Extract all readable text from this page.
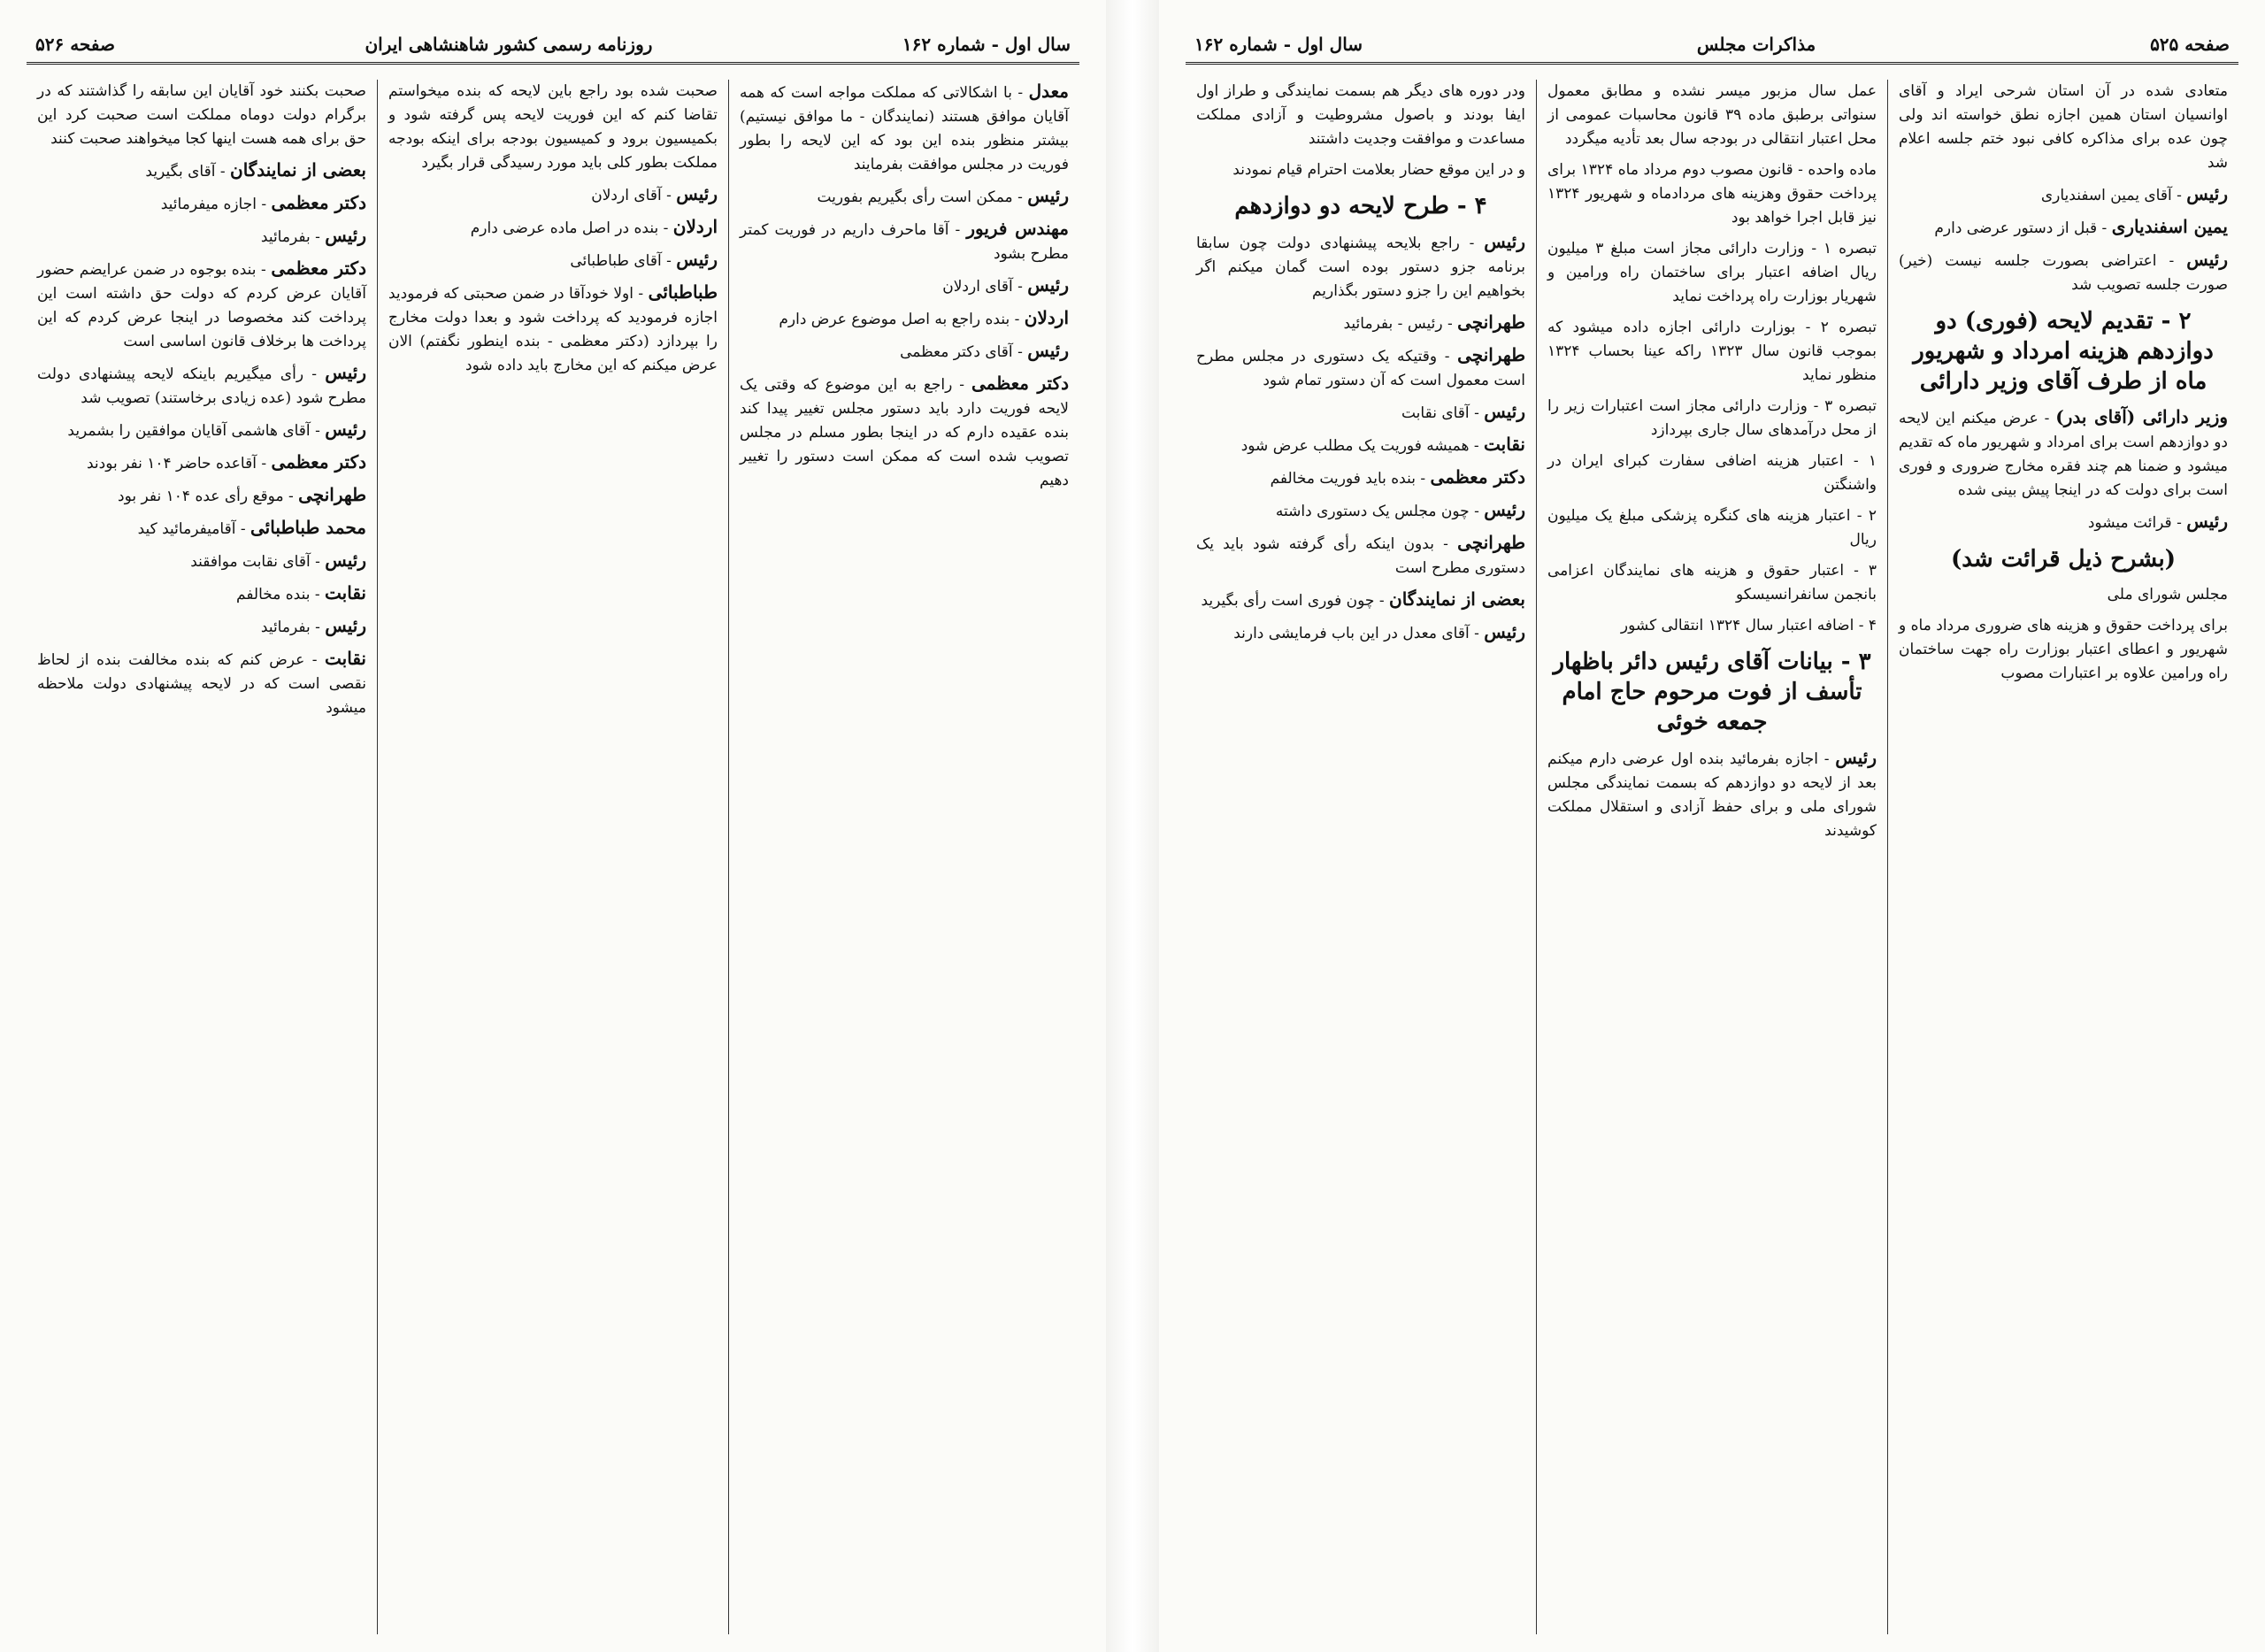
سال اول - شماره ۱۶۲
روزنامه رسمی کشور شاهنشاهی ایران
صفحه ۵۲۶

معدل - با اشکالاتی که مملکت مواجه است که همه آقایان موافق هستند (نمایندگان - ما موافق نیستیم) بیشتر منظور بنده این بود که این لایحه را بطور فوریت در مجلس موافقت بفرمایند

رئیس - ممکن است رأی بگیریم بفوریت

مهندس فریور - آقا ماحرف داریم در فوریت کمتر مطرح بشود

رئیس - آقای اردلان

اردلان - بنده راجع به اصل موضوع عرض دارم

رئیس - آقای دکتر معظمی

دکتر معظمی - راجع به این موضوع که وقتی یک لایحه فوریت دارد باید دستور مجلس تغییر پیدا کند بنده عقیده دارم که در اینجا بطور مسلم در مجلس تصویب شده است که ممکن است دستور را تغییر دهیم

صحبت شده بود راجع باین لایحه که بنده میخواستم تقاضا کنم که این فوریت لایحه پس گرفته شود و بکمیسیون برود و کمیسیون بودجه برای اینکه بودجه مملکت بطور کلی باید مورد رسیدگی قرار بگیرد

رئیس - آقای اردلان

اردلان - بنده در اصل ماده عرضی دارم

رئیس - آقای طباطبائی

طباطبائی - اولا خودآقا در ضمن صحبتی که فرمودید اجازه فرمودید که پرداخت شود و بعدا دولت مخارج را بپردازد (دکتر معظمی - بنده اینطور نگفتم) الان عرض میکنم که این مخارج باید داده شود

صحبت بکنند خود آقایان این سابقه را گذاشتند که در برگرام دولت دوماه مملکت است صحبت کرد این حق برای همه هست اینها کجا میخواهند صحبت کنند

بعضی از نمایندگان - آقای بگیرید

دکتر معظمی - اجازه میفرمائید

رئیس - بفرمائید

دکتر معظمی - بنده بوجوه در ضمن عرایضم حضور آقایان عرض کردم که دولت حق داشته است این پرداخت کند مخصوصا در اینجا عرض کردم که این پرداخت ها برخلاف قانون اساسی است

رئیس - رأی میگیریم باینکه لایحه پیشنهادی دولت مطرح شود (عده زیادی برخاستند) تصویب شد

رئیس - آقای هاشمی آقایان موافقین را بشمرید

دکتر معظمی - آقاعده حاضر ۱۰۴ نفر بودند

طهرانچی - موقع رأی عده ۱۰۴ نفر بود

محمد طباطبائی - آقامیفرمائید کید

رئیس - آقای نقابت موافقند

نقابت - بنده مخالفم

رئیس - بفرمائید

نقابت - عرض کنم که بنده مخالفت بنده از لحاظ نقصی است که در لایحه پیشنهادی دولت ملاحظه میشود

صفحه ۵۲۵
مذاکرات مجلس
سال اول - شماره ۱۶۲

متعادی شده در آن استان شرحی ایراد و آقای اوانسیان استان همین اجازه نطق خواسته اند ولی چون عده برای مذاکره کافی نبود ختم جلسه اعلام شد

رئیس - آقای یمین اسفندیاری

یمین اسفندیاری - قبل از دستور عرضی دارم

رئیس - اعتراضی بصورت جلسه نیست (خیر) صورت جلسه تصویب شد

۲ - تقدیم لایحه (فوری) دو دوازدهم هزینه امرداد و شهریور ماه از طرف آقای وزیر دارائی

وزیر دارائی (آقای بدر) - عرض میکنم این لایحه دو دوازدهم است برای امرداد و شهریور ماه که تقدیم میشود و ضمنا هم چند فقره مخارج ضروری و فوری است برای دولت که در اینجا پیش بینی شده

رئیس - قرائت میشود

(بشرح ذیل قرائت شد)

مجلس شورای ملی

برای پرداخت حقوق و هزینه های ضروری مرداد ماه و شهریور و اعطای اعتبار بوزارت راه جهت ساختمان راه ورامین علاوه بر اعتبارات مصوب

عمل سال مزبور میسر نشده و مطابق معمول سنواتی برطبق ماده ۳۹ قانون محاسبات عمومی از محل اعتبار انتقالی در بودجه سال بعد تأدیه میگردد

ماده واحده - قانون مصوب دوم مرداد ماه ۱۳۲۴ برای پرداخت حقوق وهزینه های مردادماه و شهریور ۱۳۲۴ نیز قابل اجرا خواهد بود

تبصره ۱ - وزارت دارائی مجاز است مبلغ ۳ میلیون ریال اضافه اعتبار برای ساختمان راه ورامین و شهریار بوزارت راه پرداخت نماید

تبصره ۲ - بوزارت دارائی اجازه داده میشود که بموجب قانون سال ۱۳۲۳ راکه عینا بحساب ۱۳۲۴ منظور نماید

تبصره ۳ - وزارت دارائی مجاز است اعتبارات زیر را از محل درآمدهای سال جاری بپردازد

۱ - اعتبار هزینه اضافی سفارت کبرای ایران در واشنگتن

۲ - اعتبار هزینه های کنگره پزشکی مبلغ یک میلیون ریال

۳ - اعتبار حقوق و هزینه های نمایندگان اعزامی بانجمن سانفرانسیسکو

۴ - اضافه اعتبار سال ۱۳۲۴ انتقالی کشور

۳ - بیانات آقای رئیس دائر باظهار تأسف از فوت مرحوم حاج امام جمعه خوئی

رئیس - اجازه بفرمائید بنده اول عرضی دارم میکنم بعد از لایحه دو دوازدهم که بسمت نمایندگی مجلس شورای ملی و برای حفظ آزادی و استقلال مملکت کوشیدند

ودر دوره های دیگر هم بسمت نمایندگی و طراز اول ایفا بودند و باصول مشروطیت و آزادی مملکت مساعدت و موافقت وجدیت داشتند

و در این موقع حضار بعلامت احترام قیام نمودند

۴ - طرح لایحه دو دوازدهم

رئیس - راجع بلایحه پیشنهادی دولت چون سابقا برنامه جزو دستور بوده است گمان میکنم اگر بخواهیم این را جزو دستور بگذاریم

طهرانچی - رئیس - بفرمائید

طهرانچی - وقتیکه یک دستوری در مجلس مطرح است معمول است که آن دستور تمام شود

رئیس - آقای نقابت

نقابت - همیشه فوریت یک مطلب عرض شود

دکتر معظمی - بنده باید فوریت مخالفم

رئیس - چون مجلس یک دستوری داشته

طهرانچی - بدون اینکه رأی گرفته شود باید یک دستوری مطرح است

بعضی از نمایندگان - چون فوری است رأی بگیرید

رئیس - آقای معدل در این باب فرمایشی دارند
